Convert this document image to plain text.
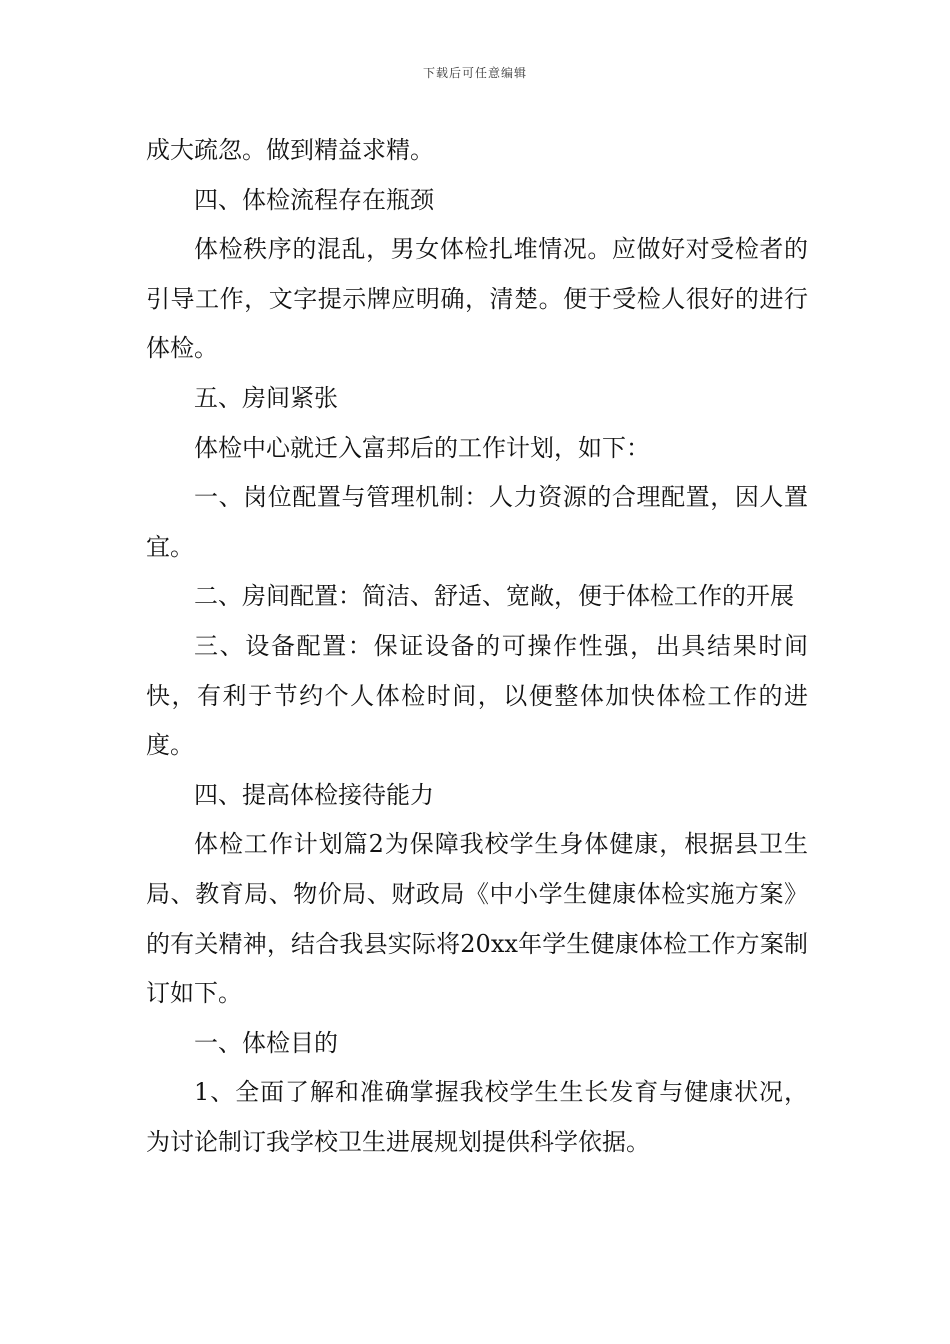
下载后可任意编辑

成大疏忽。做到精益求精。

四、体检流程存在瓶颈

体检秩序的混乱，男女体检扎堆情况。应做好对受检者的引导工作，文字提示牌应明确，清楚。便于受检人很好的进行体检。

五、房间紧张

体检中心就迁入富邦后的工作计划，如下：

一、岗位配置与管理机制：人力资源的合理配置，因人置宜。

二、房间配置：简洁、舒适、宽敞，便于体检工作的开展

三、设备配置：保证设备的可操作性强，出具结果时间快，有利于节约个人体检时间，以便整体加快体检工作的进度。

四、提高体检接待能力

体检工作计划篇2为保障我校学生身体健康，根据县卫生局、教育局、物价局、财政局《中小学生健康体检实施方案》的有关精神，结合我县实际将20xx年学生健康体检工作方案制订如下。

一、体检目的

1、全面了解和准确掌握我校学生生长发育与健康状况，为讨论制订我学校卫生进展规划提供科学依据。
